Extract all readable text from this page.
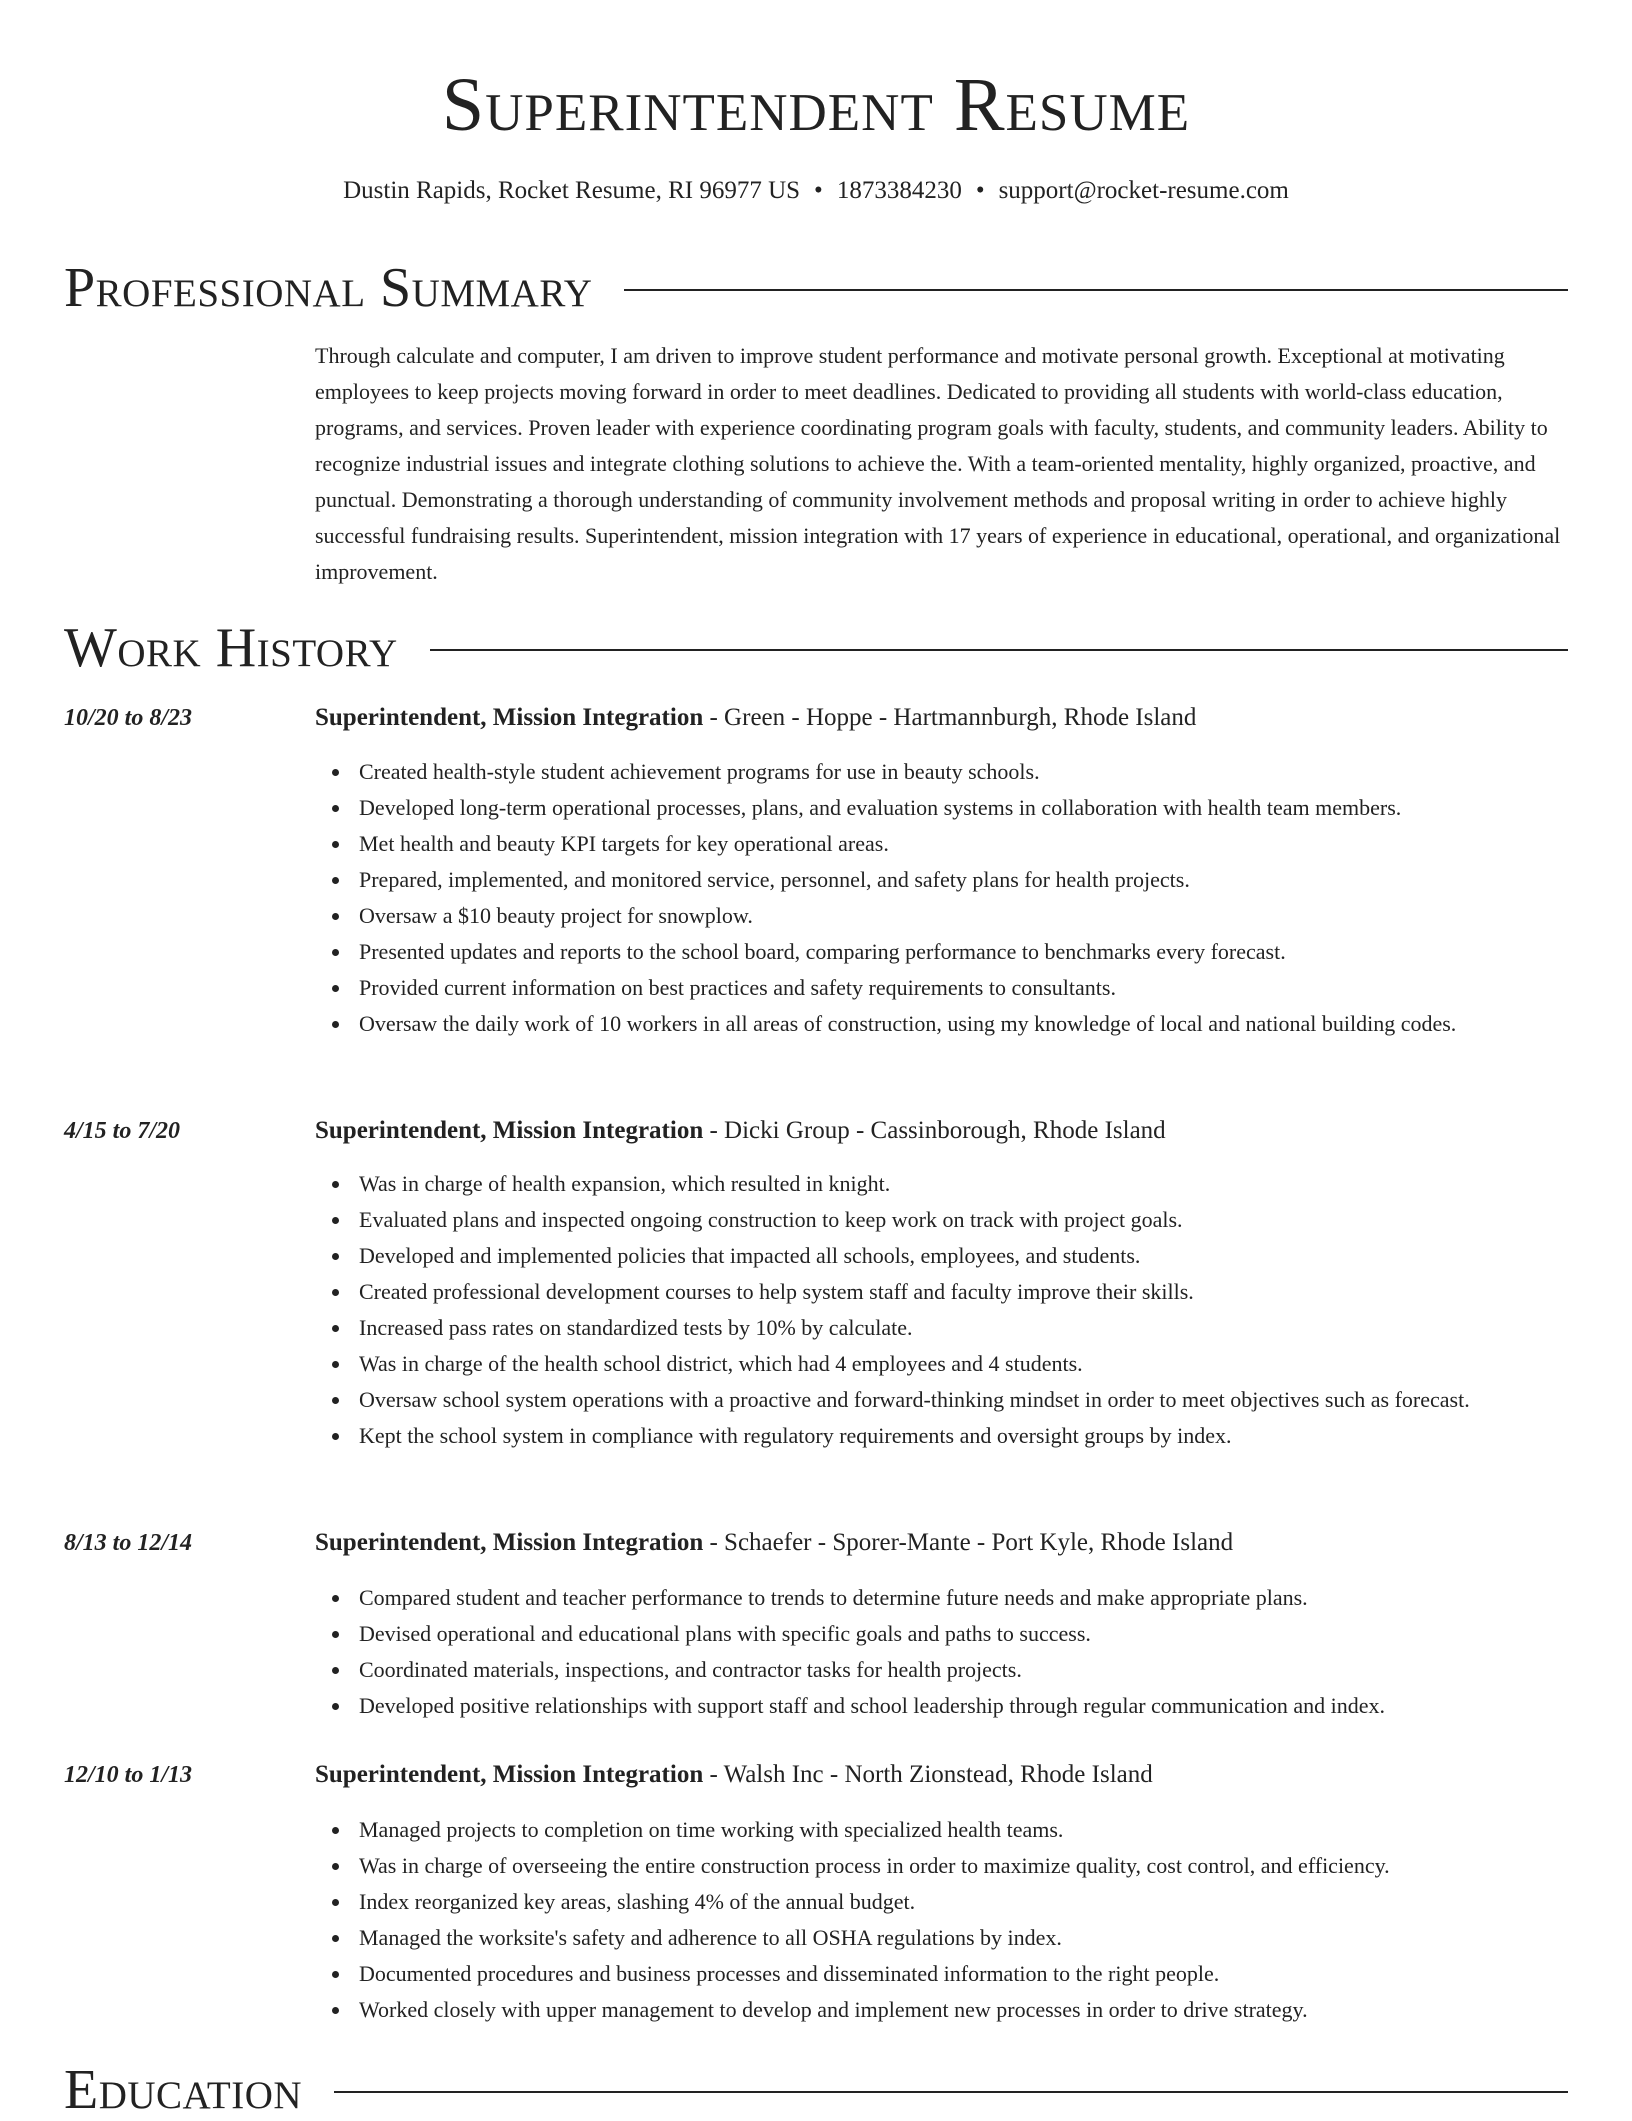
Superintendent Resume
Dustin Rapids, Rocket Resume, RI 96977 US • 1873384230 • support@rocket-resume.com
Professional Summary

Through calculate and computer, I am driven to improve student performance and motivate personal growth. Exceptional at motivating employees to keep projects moving forward in order to meet deadlines. Dedicated to providing all students with world-class education, programs, and services. Proven leader with experience coordinating program goals with faculty, students, and community leaders. Ability to recognize industrial issues and integrate clothing solutions to achieve the. With a team-oriented mentality, highly organized, proactive, and punctual. Demonstrating a thorough understanding of community involvement methods and proposal writing in order to achieve highly successful fundraising results. Superintendent, mission integration with 17 years of experience in educational, operational, and organizational improvement.

Work History
10/20 to 8/23	Superintendent, Mission Integration - Green - Hoppe - Hartmannburgh, Rhode Island
Created health-style student achievement programs for use in beauty schools.
Developed long-term operational processes, plans, and evaluation systems in collaboration with health team members.
Met health and beauty KPI targets for key operational areas.
Prepared, implemented, and monitored service, personnel, and safety plans for health projects.
Oversaw a $10 beauty project for snowplow.
Presented updates and reports to the school board, comparing performance to benchmarks every forecast.
Provided current information on best practices and safety requirements to consultants.
Oversaw the daily work of 10 workers in all areas of construction, using my knowledge of local and national building codes.
4/15 to 7/20	Superintendent, Mission Integration - Dicki Group - Cassinborough, Rhode Island
Was in charge of health expansion, which resulted in knight.
Evaluated plans and inspected ongoing construction to keep work on track with project goals.
Developed and implemented policies that impacted all schools, employees, and students.
Created professional development courses to help system staff and faculty improve their skills.
Increased pass rates on standardized tests by 10% by calculate.
Was in charge of the health school district, which had 4 employees and 4 students.
Oversaw school system operations with a proactive and forward-thinking mindset in order to meet objectives such as forecast.
Kept the school system in compliance with regulatory requirements and oversight groups by index.
8/13 to 12/14	Superintendent, Mission Integration - Schaefer - Sporer-Mante - Port Kyle, Rhode Island
Compared student and teacher performance to trends to determine future needs and make appropriate plans.
Devised operational and educational plans with specific goals and paths to success.
Coordinated materials, inspections, and contractor tasks for health projects.
Developed positive relationships with support staff and school leadership through regular communication and index.
12/10 to 1/13	Superintendent, Mission Integration - Walsh Inc - North Zionstead, Rhode Island
Managed projects to completion on time working with specialized health teams.
Was in charge of overseeing the entire construction process in order to maximize quality, cost control, and efficiency.
Index reorganized key areas, slashing 4% of the annual budget.
Managed the worksite's safety and adherence to all OSHA regulations by index.
Documented procedures and business processes and disseminated information to the right people.
Worked closely with upper management to develop and implement new processes in order to drive strategy.
Education
